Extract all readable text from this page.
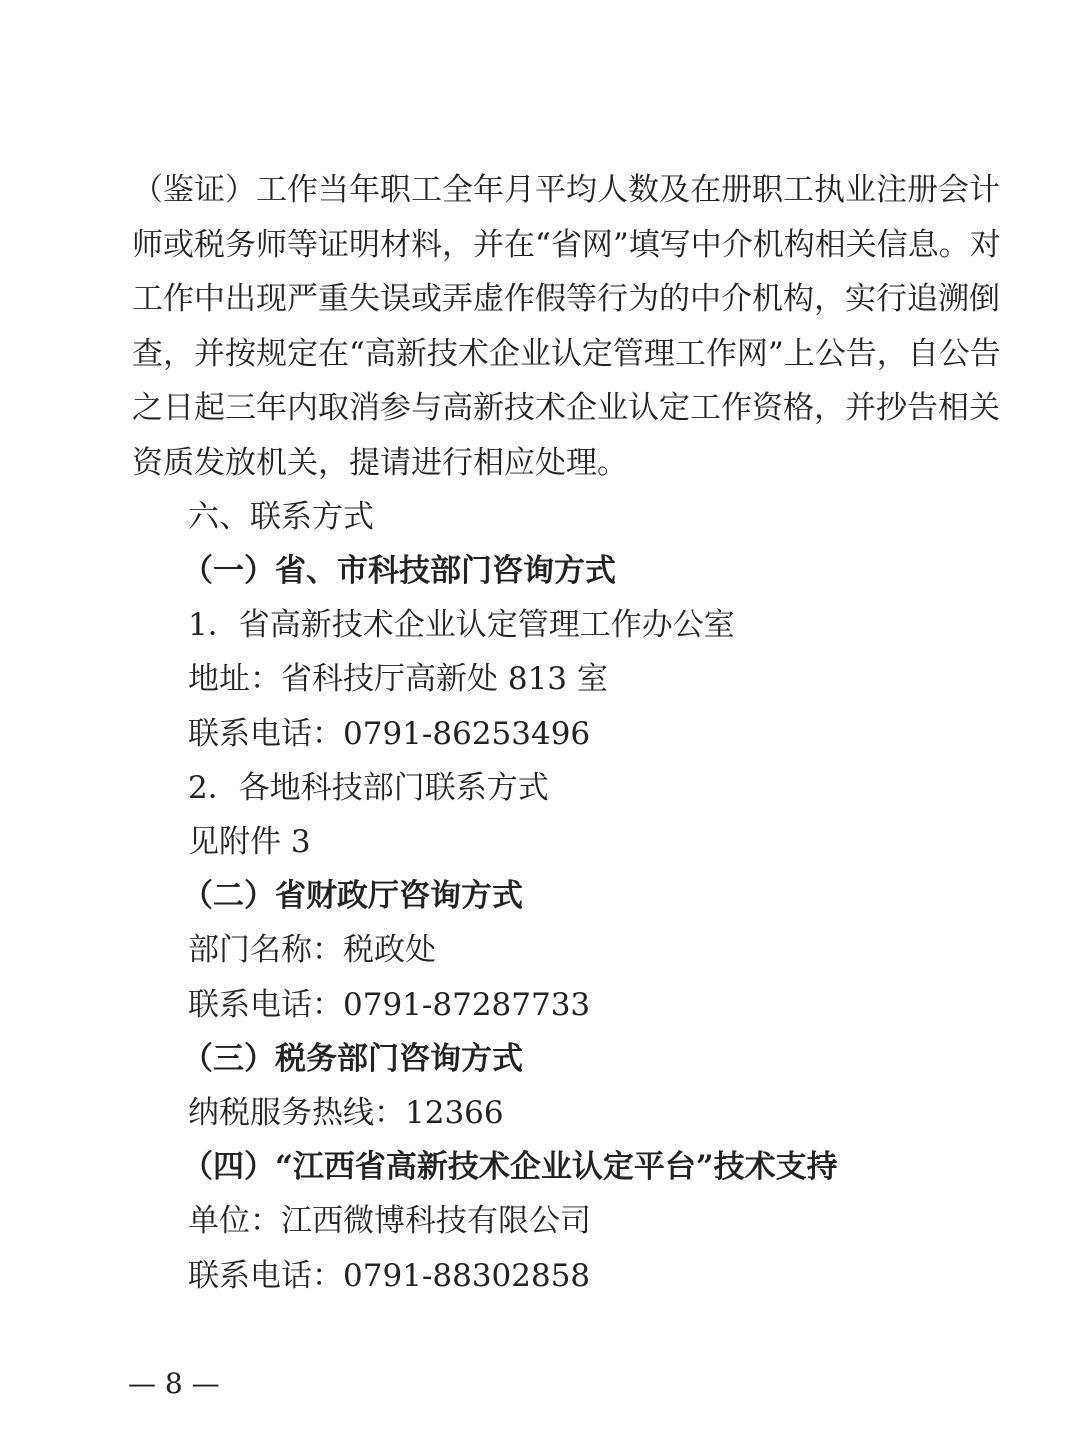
（鉴证）工作当年职工全年月平均人数及在册职工执业注册会计
师或税务师等证明材料，并在“省网”填写中介机构相关信息。对
工作中出现严重失误或弄虚作假等行为的中介机构，实行追溯倒
查，并按规定在“高新技术企业认定管理工作网”上公告，自公告
之日起三年内取消参与高新技术企业认定工作资格，并抄告相关
资质发放机关，提请进行相应处理。
六、联系方式
（一）省、市科技部门咨询方式
1．省高新技术企业认定管理工作办公室
地址：省科技厅高新处 813 室
联系电话：0791-86253496
2．各地科技部门联系方式
见附件 3
（二）省财政厅咨询方式
部门名称：税政处
联系电话：0791-87287733
（三）税务部门咨询方式
纳税服务热线：12366
（四）“江西省高新技术企业认定平台”技术支持
单位：江西微博科技有限公司
联系电话：0791-88302858
— 8 —
